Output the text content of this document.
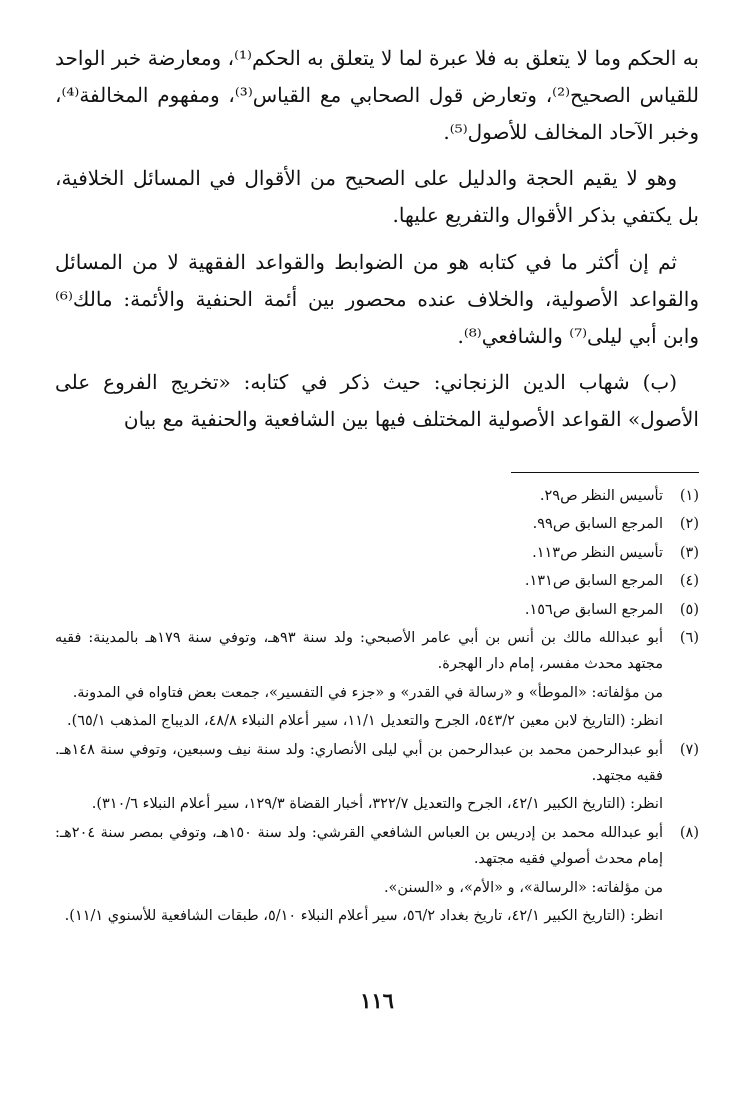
به الحكم وما لا يتعلق به فلا عبرة لما لا يتعلق به الحكم⁽¹⁾، ومعارضة خبر الواحد للقياس الصحيح⁽²⁾، وتعارض قول الصحابي مع القياس⁽³⁾، ومفهوم المخالفة⁽⁴⁾، وخبر الآحاد المخالف للأصول⁽⁵⁾.

وهو لا يقيم الحجة والدليل على الصحيح من الأقوال في المسائل الخلافية، بل يكتفي بذكر الأقوال والتفريع عليها.

ثم إن أكثر ما في كتابه هو من الضوابط والقواعد الفقهية لا من المسائل والقواعد الأصولية، والخلاف عنده محصور بين أئمة الحنفية والأئمة: مالك⁽⁶⁾ وابن أبي ليلى⁽⁷⁾ والشافعي⁽⁸⁾.

(ب) شهاب الدين الزنجاني: حيث ذكر في كتابه: «تخريج الفروع على الأصول» القواعد الأصولية المختلف فيها بين الشافعية والحنفية مع بيان

(١)

تأسيس النظر ص٢٩.

(٢)

المرجع السابق ص٩٩.

(٣)

تأسيس النظر ص١١٣.

(٤)

المرجع السابق ص١٣١.

(٥)

المرجع السابق ص١٥٦.

(٦)

أبو عبدالله مالك بن أنس بن أبي عامر الأصبحي: ولد سنة ٩٣هـ، وتوفي سنة ١٧٩هـ بالمدينة: فقيه مجتهد محدث مفسر، إمام دار الهجرة.

من مؤلفاته: «الموطأ» و «رسالة في القدر» و «جزء في التفسير»، جمعت بعض فتاواه في المدونة.

انظر: (التاريخ لابن معين ٥٤٣/٢، الجرح والتعديل ١١/١، سير أعلام النبلاء ٤٨/٨، الديباج المذهب ٦٥/١).

(٧)

أبو عبدالرحمن محمد بن عبدالرحمن بن أبي ليلى الأنصاري: ولد سنة نيف وسبعين، وتوفي سنة ١٤٨هـ. فقيه مجتهد.

انظر: (التاريخ الكبير ٤٢/١، الجرح والتعديل ٣٢٢/٧، أخبار القضاة ١٢٩/٣، سير أعلام النبلاء ٣١٠/٦).

(٨)

أبو عبدالله محمد بن إدريس بن العباس الشافعي القرشي: ولد سنة ١٥٠هـ، وتوفي بمصر سنة ٢٠٤هـ: إمام محدث أصولي فقيه مجتهد.

من مؤلفاته: «الرسالة»، و «الأم»، و «السنن».

انظر: (التاريخ الكبير ٤٢/١، تاريخ بغداد ٥٦/٢، سير أعلام النبلاء ٥/١٠، طبقات الشافعية للأسنوي ١١/١).

١١٦
